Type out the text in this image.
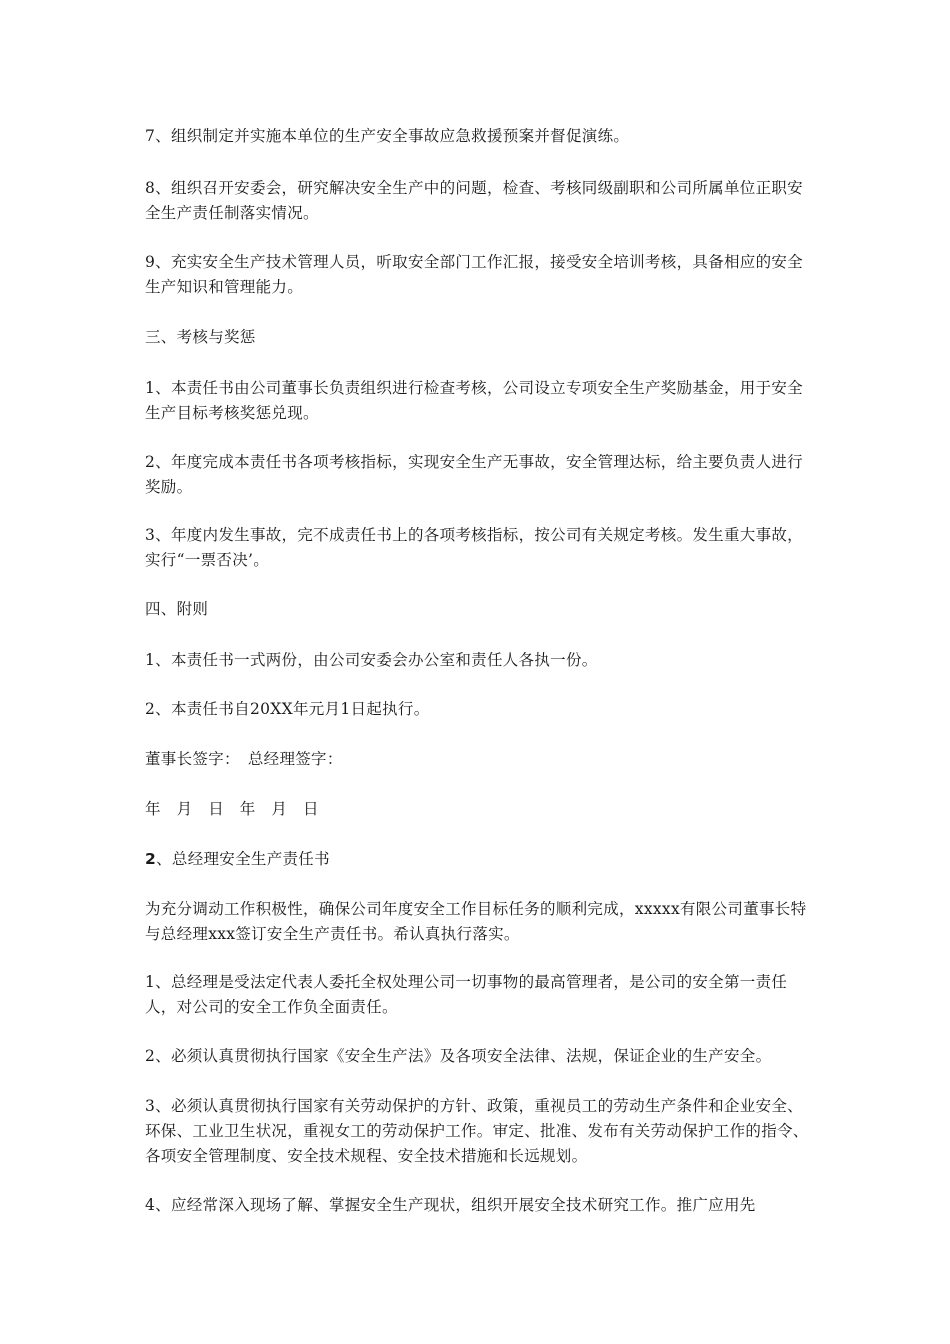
7、组织制定并实施本单位的生产安全事故应急救援预案并督促演练。

8、组织召开安委会，研究解决安全生产中的问题，检查、考核同级副职和公司所属单位正职安全生产责任制落实情况。

9、充实安全生产技术管理人员，听取安全部门工作汇报，接受安全培训考核，具备相应的安全生产知识和管理能力。

三、考核与奖惩

1、本责任书由公司董事长负责组织进行检查考核，公司设立专项安全生产奖励基金，用于安全生产目标考核奖惩兑现。

2、年度完成本责任书各项考核指标，实现安全生产无事故，安全管理达标，给主要负责人进行奖励。

3、年度内发生事故，完不成责任书上的各项考核指标，按公司有关规定考核。发生重大事故，实行“一票否决’。

四、附则

1、本责任书一式两份，由公司安委会办公室和责任人各执一份。

2、本责任书自20XX年元月1日起执行。

董事长签字：　总经理签字：

年　月　日　年　月　日

2、总经理安全生产责任书

为充分调动工作积极性，确保公司年度安全工作目标任务的顺利完成，xxxxx有限公司董事长特与总经理xxx签订安全生产责任书。希认真执行落实。

1、总经理是受法定代表人委托全权处理公司一切事物的最高管理者，是公司的安全第一责任人，对公司的安全工作负全面责任。

2、必须认真贯彻执行国家《安全生产法》及各项安全法律、法规，保证企业的生产安全。

3、必须认真贯彻执行国家有关劳动保护的方针、政策，重视员工的劳动生产条件和企业安全、环保、工业卫生状况，重视女工的劳动保护工作。审定、批准、发布有关劳动保护工作的指令、各项安全管理制度、安全技术规程、安全技术措施和长远规划。

4、应经常深入现场了解、掌握安全生产现状，组织开展安全技术研究工作。推广应用先
